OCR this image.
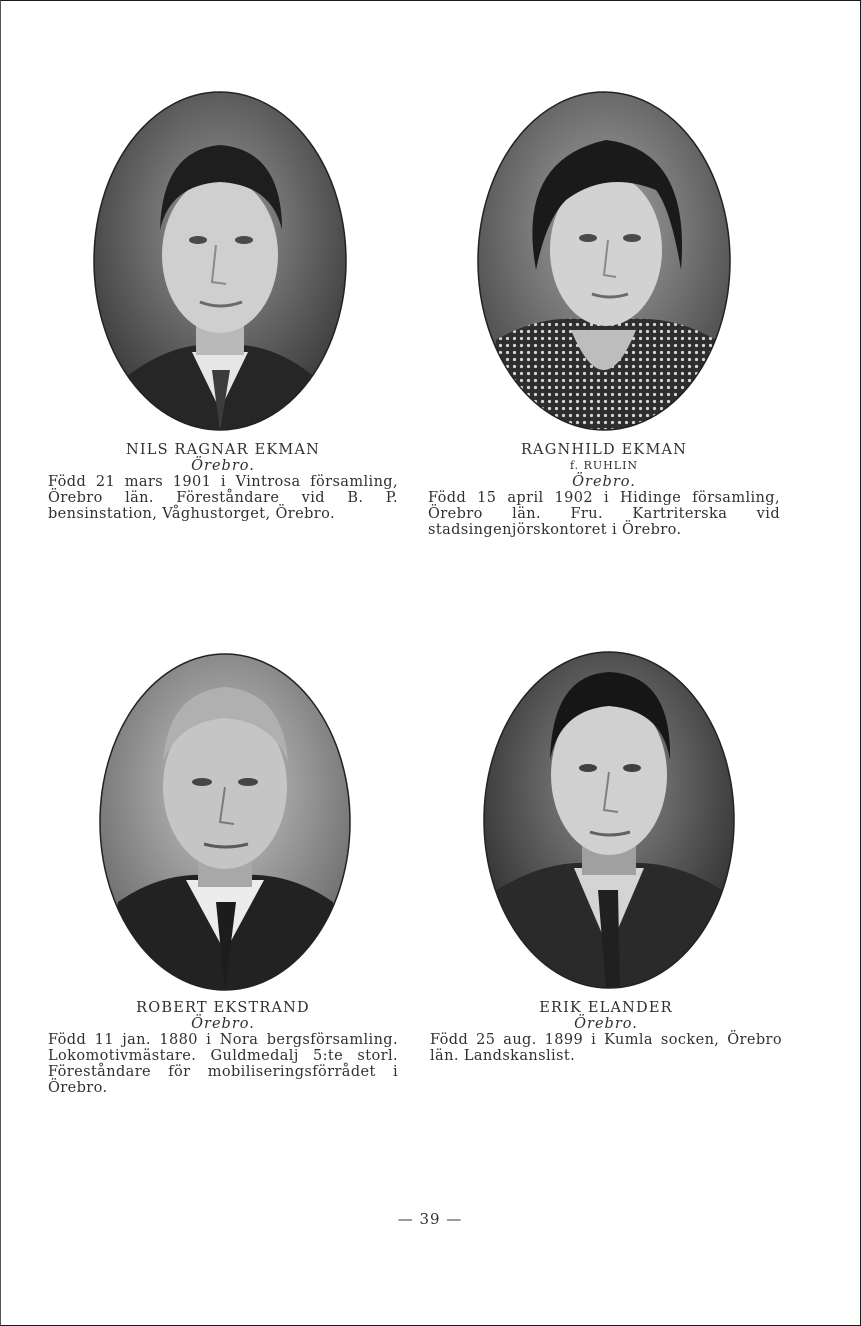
NILS RAGNAR EKMAN
Örebro.
Född 21 mars 1901 i Vintrosa församling, Örebro län. Föreståndare vid B. P. bensinstation, Våghustorget, Örebro.
RAGNHILD EKMAN
f. RUHLIN
Örebro.
Född 15 april 1902 i Hidinge församling, Örebro län. Fru. Kartriterska vid stadsingenjörskontoret i Örebro.
ROBERT EKSTRAND
Örebro.
Född 11 jan. 1880 i Nora bergsförsamling. Lokomotivmästare. Guldmedalj 5:te storl. Föreståndare för mobiliseringsförrådet i Örebro.
ERIK ELANDER
Örebro.
Född 25 aug. 1899 i Kumla socken, Örebro län. Landskanslist.
— 39 —
